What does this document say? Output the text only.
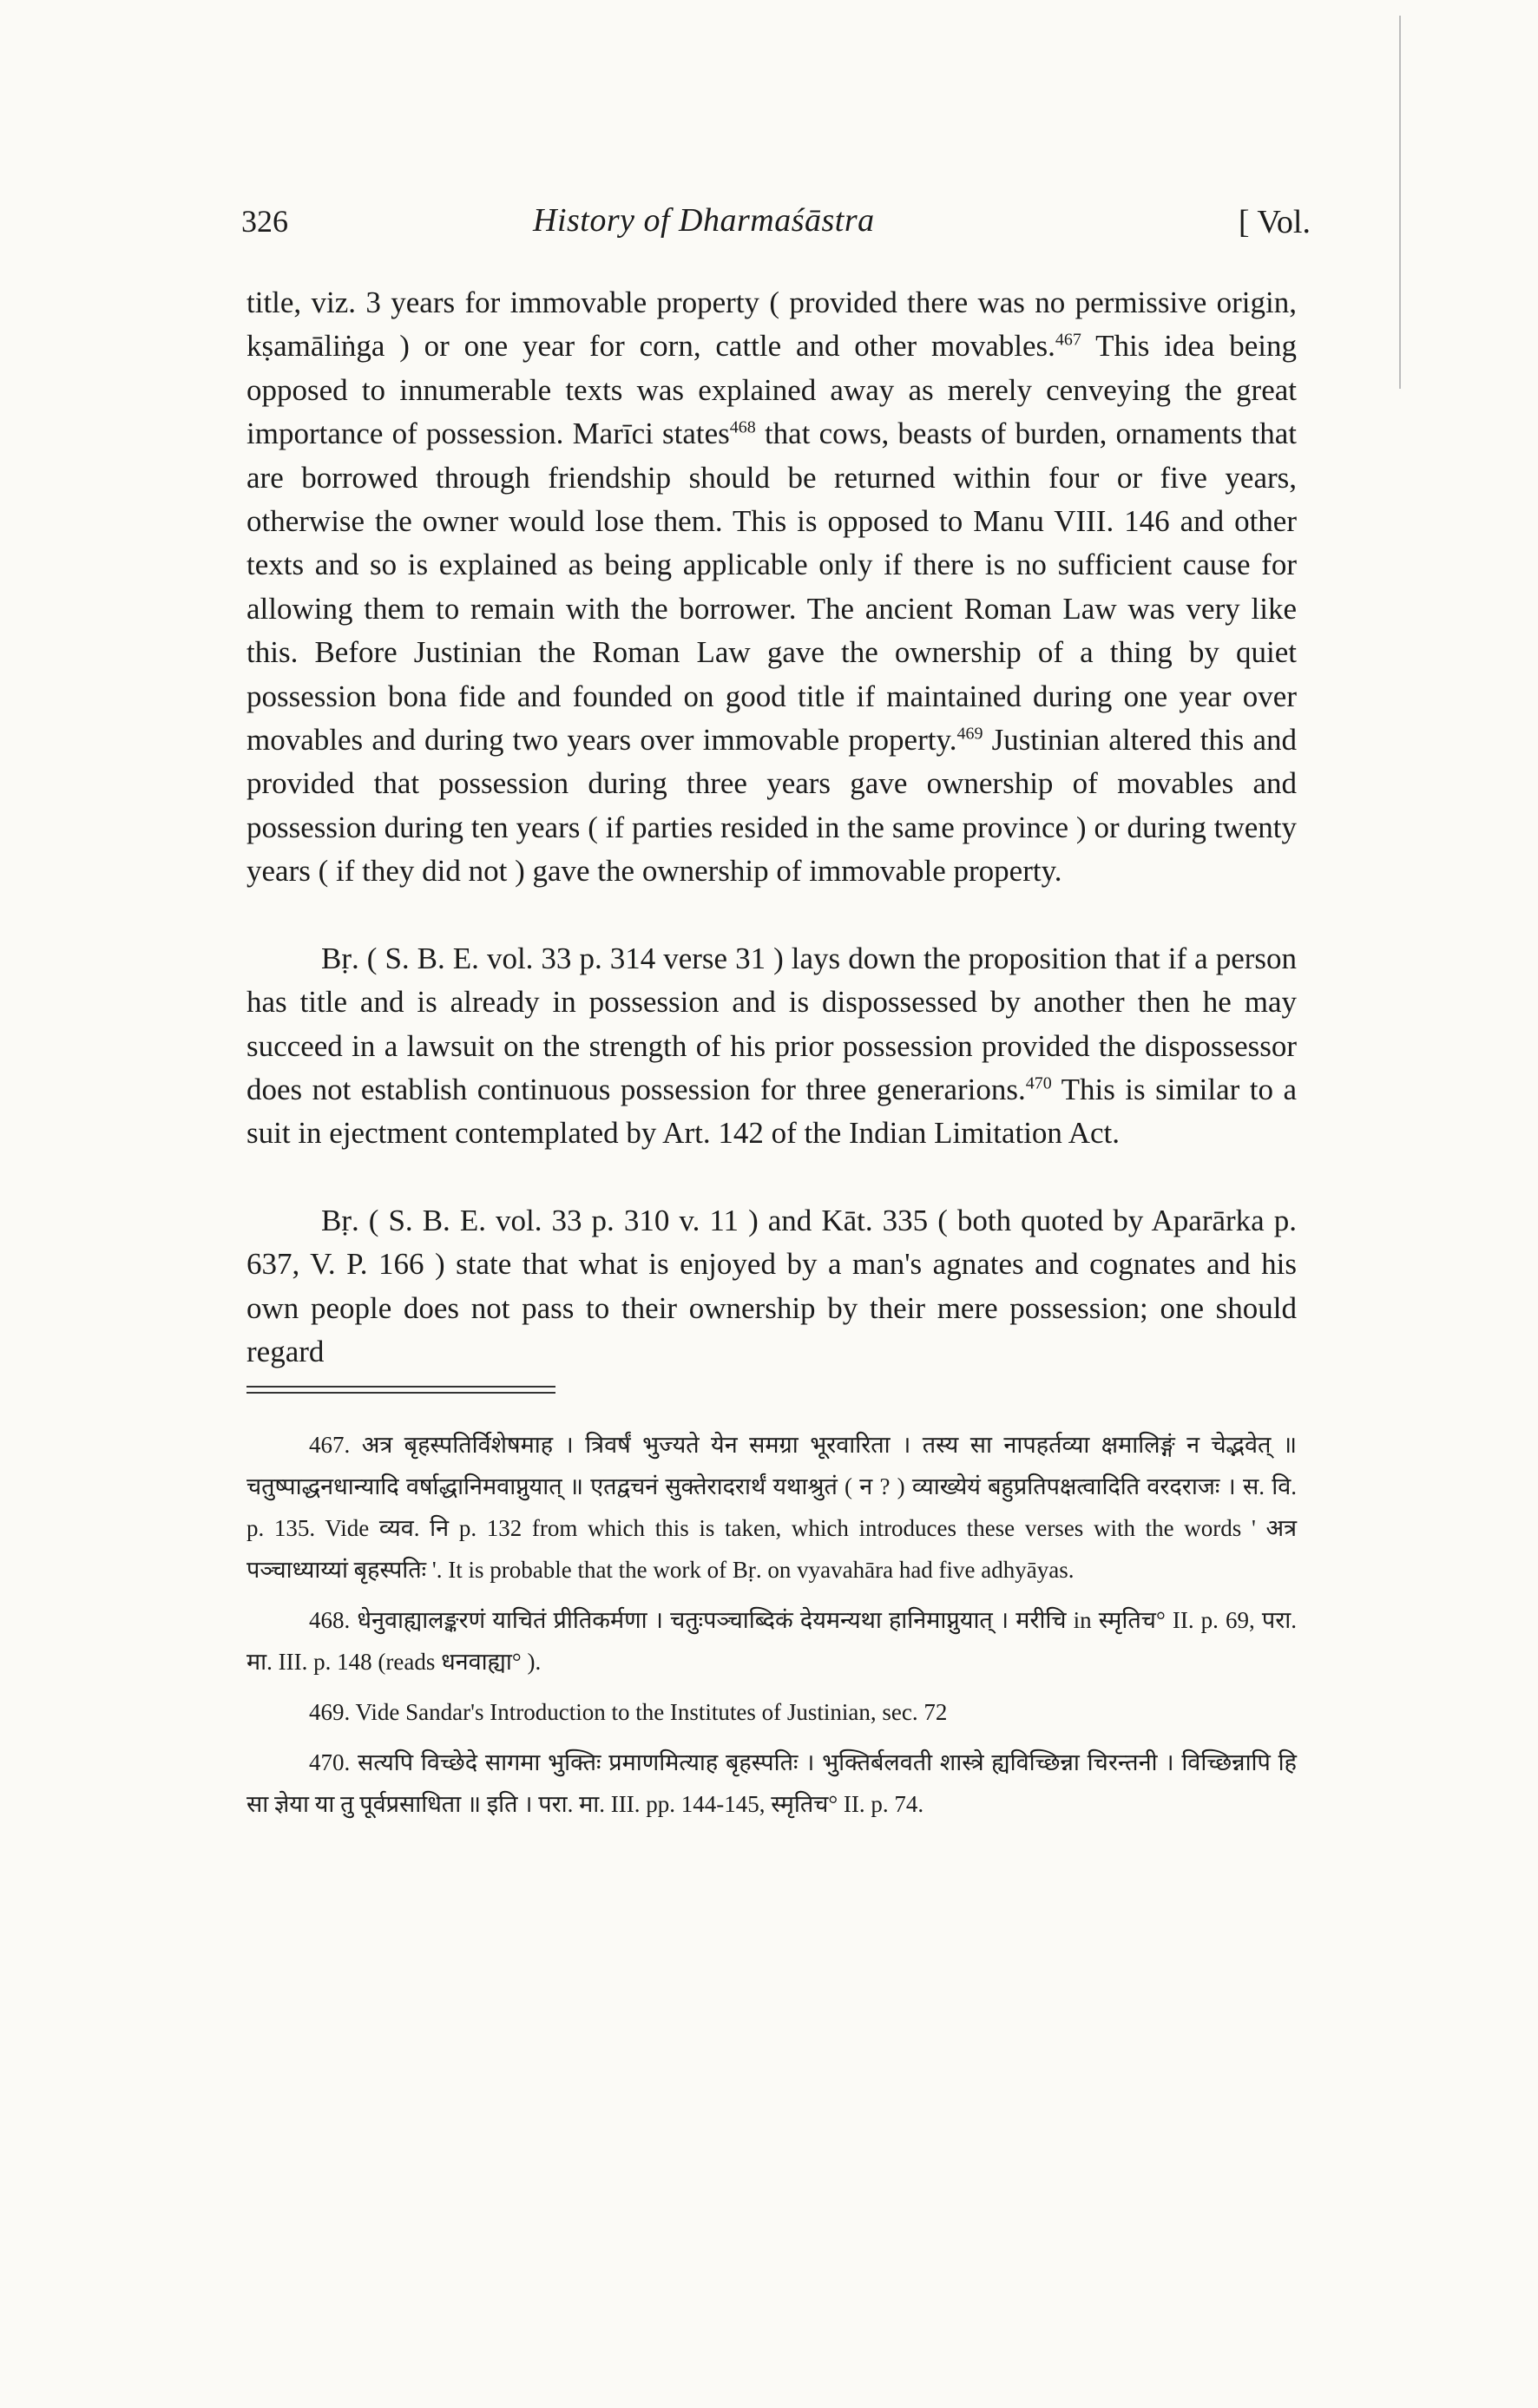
326	History of Dharmaśāstra	[ Vol.

title, viz. 3 years for immovable property ( provided there was no permissive origin, kṣamāliṅga ) or one year for corn, cattle and other movables.$^{467}$ This idea being opposed to innumerable texts was explained away as merely cenveying the great importance of possession. Marīci states$^{468}$ that cows, beasts of burden, ornaments that are borrowed through friendship should be returned within four or five years, otherwise the owner would lose them. This is opposed to Manu VIII. 146 and other texts and so is explained as being applicable only if there is no sufficient cause for allowing them to remain with the borrower. The ancient Roman Law was very like this. Before Justinian the Roman Law gave the ownership of a thing by quiet possession bona fide and founded on good title if maintained during one year over movables and during two years over immovable property.$^{469}$ Justinian altered this and provided that possession during three years gave ownership of movables and possession during ten years ( if parties resided in the same province ) or during twenty years ( if they did not ) gave the ownership of immovable property.

Bṛ. ( S. B. E. vol. 33 p. 314 verse 31 ) lays down the proposition that if a person has title and is already in possession and is dispossessed by another then he may succeed in a lawsuit on the strength of his prior possession provided the dispossessor does not establish continuous possession for three generarions.$^{470}$ This is similar to a suit in ejectment contemplated by Art. 142 of the Indian Limitation Act.

Bṛ. ( S. B. E. vol. 33 p. 310 v. 11 ) and Kāt. 335 ( both quoted by Aparārka p. 637, V. P. 166 ) state that what is enjoyed by a man's agnates and cognates and his own people does not pass to their ownership by their mere possession; one should regard

467. अत्र बृहस्पतिर्विशेषमाह । त्रिवर्षं भुज्यते येन समग्रा भूरवारिता । तस्य सा नापहर्तव्या क्षमालिङ्गं न चेद्भवेत् ॥ चतुष्पाद्धनधान्यादि वर्षाद्धानिमवाप्नुयात् ॥ एतद्वचनं सुक्तेरादरार्थं यथाश्रुतं ( न ? ) व्याख्येयं बहुप्रतिपक्षत्वादिति वरदराजः । स. वि. p. 135. Vide व्यव. नि p. 132 from which this is taken, which introduces these verses with the words ' अत्र पञ्चाध्याय्यां बृहस्पतिः '. It is probable that the work of Bṛ. on vyavahāra had five adhyāyas.

468. धेनुवाह्यालङ्करणं याचितं प्रीतिकर्मणा । चतुःपञ्चाब्दिकं देयमन्यथा हानिमाप्नुयात् । मरीचि in स्मृतिच° II. p. 69, परा. मा. III. p. 148 (reads धनवाह्या° ).

469. Vide Sandar's Introduction to the Institutes of Justinian, sec. 72

470. सत्यपि विच्छेदे सागमा भुक्तिः प्रमाणमित्याह बृहस्पतिः । भुक्तिर्बलवती शास्त्रे ह्यविच्छिन्ना चिरन्तनी । विच्छिन्नापि हि सा ज्ञेया या तु पूर्वप्रसाधिता ॥ इति । परा. मा. III. pp. 144-145, स्मृतिच° II. p. 74.
